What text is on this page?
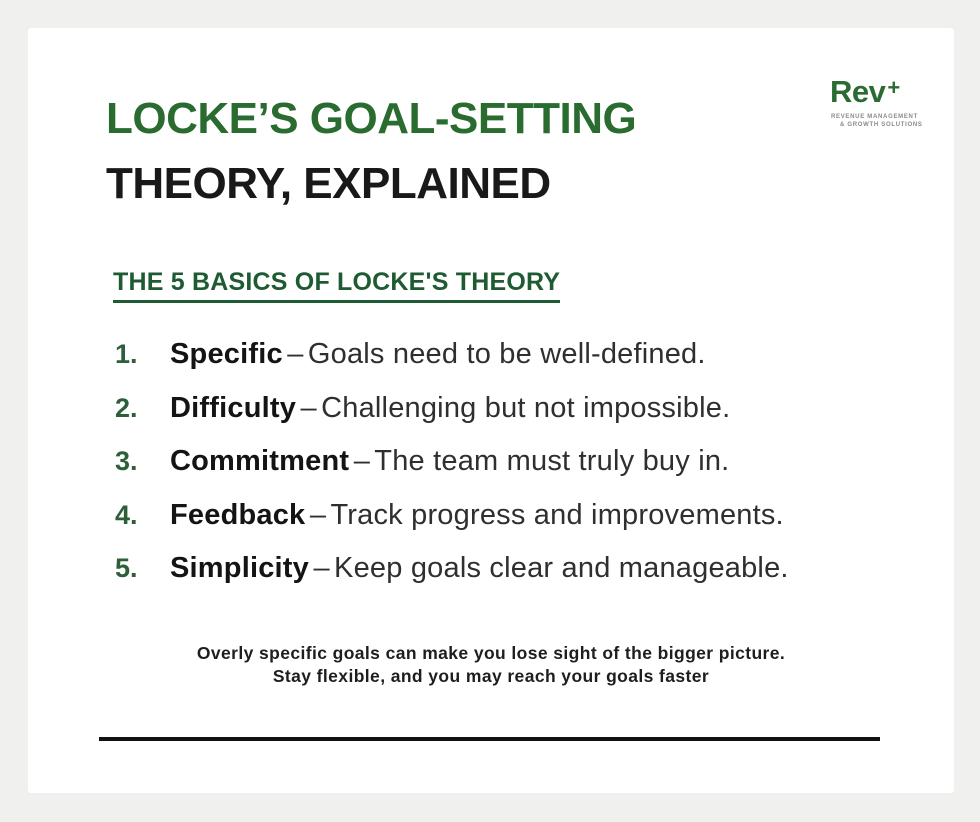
Rev+
REVENUE MANAGEMENT
& GROWTH SOLUTIONS
LOCKE’S GOAL-SETTING
THEORY, EXPLAINED
THE 5 BASICS OF LOCKE'S THEORY
1.	Specific – Goals need to be well-defined.
2.	Difficulty – Challenging but not impossible.
3.	Commitment – The team must truly buy in.
4.	Feedback – Track progress and improvements.
5.	Simplicity – Keep goals clear and manageable.
Overly specific goals can make you lose sight of the bigger picture.
Stay flexible, and you may reach your goals faster
